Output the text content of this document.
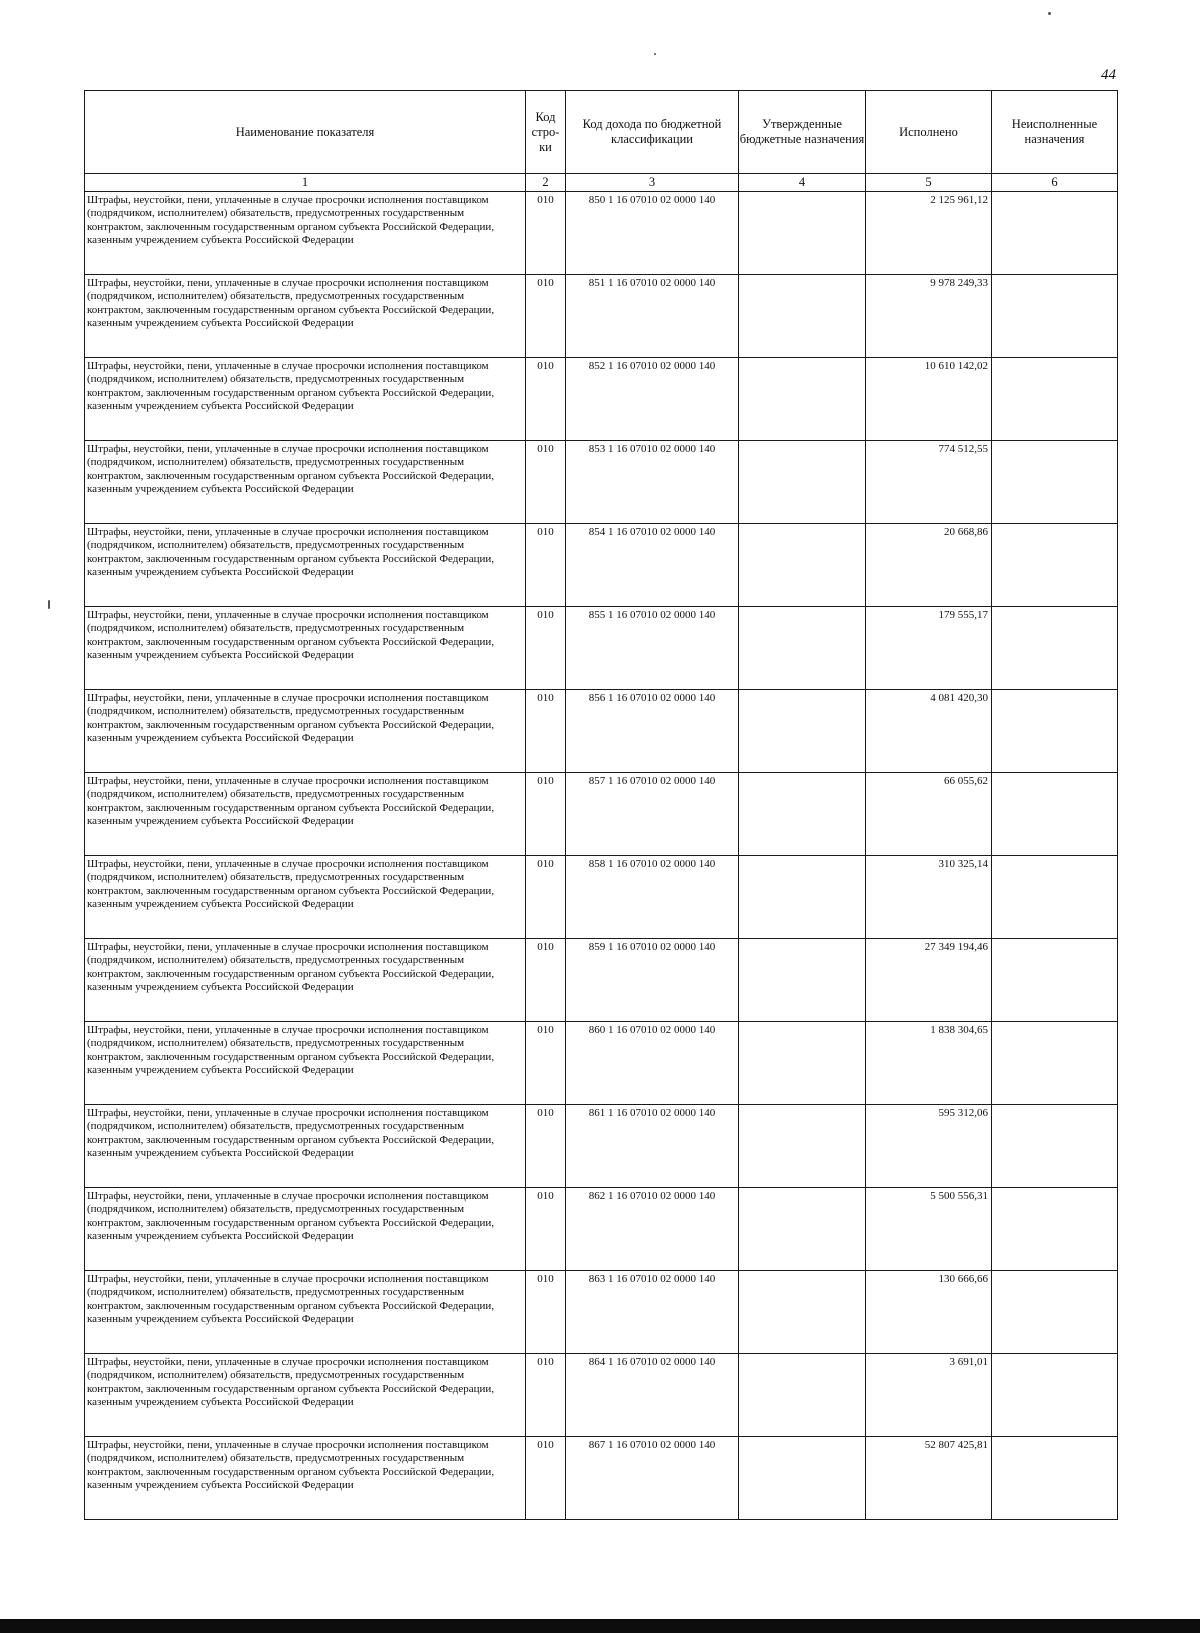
44
Наименование показателя	Код стро-ки	Код дохода по бюджетной классификации	Утвержденные бюджетные назначения	Исполнено	Неисполненные назначения
1	2	3	4	5	6
Штрафы, неустойки, пени, уплаченные в случае просрочки исполнения поставщиком (подрядчиком, исполнителем) обязательств, предусмотренных государственным контрактом, заключенным государственным органом субъекта Российской Федерации, казенным учреждением субъекта Российской Федерации	010	850 1 16 07010 02 0000 140		2 125 961,12	
Штрафы, неустойки, пени, уплаченные в случае просрочки исполнения поставщиком (подрядчиком, исполнителем) обязательств, предусмотренных государственным контрактом, заключенным государственным органом субъекта Российской Федерации, казенным учреждением субъекта Российской Федерации	010	851 1 16 07010 02 0000 140		9 978 249,33	
Штрафы, неустойки, пени, уплаченные в случае просрочки исполнения поставщиком (подрядчиком, исполнителем) обязательств, предусмотренных государственным контрактом, заключенным государственным органом субъекта Российской Федерации, казенным учреждением субъекта Российской Федерации	010	852 1 16 07010 02 0000 140		10 610 142,02	
Штрафы, неустойки, пени, уплаченные в случае просрочки исполнения поставщиком (подрядчиком, исполнителем) обязательств, предусмотренных государственным контрактом, заключенным государственным органом субъекта Российской Федерации, казенным учреждением субъекта Российской Федерации	010	853 1 16 07010 02 0000 140		774 512,55	
Штрафы, неустойки, пени, уплаченные в случае просрочки исполнения поставщиком (подрядчиком, исполнителем) обязательств, предусмотренных государственным контрактом, заключенным государственным органом субъекта Российской Федерации, казенным учреждением субъекта Российской Федерации	010	854 1 16 07010 02 0000 140		20 668,86	
Штрафы, неустойки, пени, уплаченные в случае просрочки исполнения поставщиком (подрядчиком, исполнителем) обязательств, предусмотренных государственным контрактом, заключенным государственным органом субъекта Российской Федерации, казенным учреждением субъекта Российской Федерации	010	855 1 16 07010 02 0000 140		179 555,17	
Штрафы, неустойки, пени, уплаченные в случае просрочки исполнения поставщиком (подрядчиком, исполнителем) обязательств, предусмотренных государственным контрактом, заключенным государственным органом субъекта Российской Федерации, казенным учреждением субъекта Российской Федерации	010	856 1 16 07010 02 0000 140		4 081 420,30	
Штрафы, неустойки, пени, уплаченные в случае просрочки исполнения поставщиком (подрядчиком, исполнителем) обязательств, предусмотренных государственным контрактом, заключенным государственным органом субъекта Российской Федерации, казенным учреждением субъекта Российской Федерации	010	857 1 16 07010 02 0000 140		66 055,62	
Штрафы, неустойки, пени, уплаченные в случае просрочки исполнения поставщиком (подрядчиком, исполнителем) обязательств, предусмотренных государственным контрактом, заключенным государственным органом субъекта Российской Федерации, казенным учреждением субъекта Российской Федерации	010	858 1 16 07010 02 0000 140		310 325,14	
Штрафы, неустойки, пени, уплаченные в случае просрочки исполнения поставщиком (подрядчиком, исполнителем) обязательств, предусмотренных государственным контрактом, заключенным государственным органом субъекта Российской Федерации, казенным учреждением субъекта Российской Федерации	010	859 1 16 07010 02 0000 140		27 349 194,46	
Штрафы, неустойки, пени, уплаченные в случае просрочки исполнения поставщиком (подрядчиком, исполнителем) обязательств, предусмотренных государственным контрактом, заключенным государственным органом субъекта Российской Федерации, казенным учреждением субъекта Российской Федерации	010	860 1 16 07010 02 0000 140		1 838 304,65	
Штрафы, неустойки, пени, уплаченные в случае просрочки исполнения поставщиком (подрядчиком, исполнителем) обязательств, предусмотренных государственным контрактом, заключенным государственным органом субъекта Российской Федерации, казенным учреждением субъекта Российской Федерации	010	861 1 16 07010 02 0000 140		595 312,06	
Штрафы, неустойки, пени, уплаченные в случае просрочки исполнения поставщиком (подрядчиком, исполнителем) обязательств, предусмотренных государственным контрактом, заключенным государственным органом субъекта Российской Федерации, казенным учреждением субъекта Российской Федерации	010	862 1 16 07010 02 0000 140		5 500 556,31	
Штрафы, неустойки, пени, уплаченные в случае просрочки исполнения поставщиком (подрядчиком, исполнителем) обязательств, предусмотренных государственным контрактом, заключенным государственным органом субъекта Российской Федерации, казенным учреждением субъекта Российской Федерации	010	863 1 16 07010 02 0000 140		130 666,66	
Штрафы, неустойки, пени, уплаченные в случае просрочки исполнения поставщиком (подрядчиком, исполнителем) обязательств, предусмотренных государственным контрактом, заключенным государственным органом субъекта Российской Федерации, казенным учреждением субъекта Российской Федерации	010	864 1 16 07010 02 0000 140		3 691,01	
Штрафы, неустойки, пени, уплаченные в случае просрочки исполнения поставщиком (подрядчиком, исполнителем) обязательств, предусмотренных государственным контрактом, заключенным государственным органом субъекта Российской Федерации, казенным учреждением субъекта Российской Федерации	010	867 1 16 07010 02 0000 140		52 807 425,81	
